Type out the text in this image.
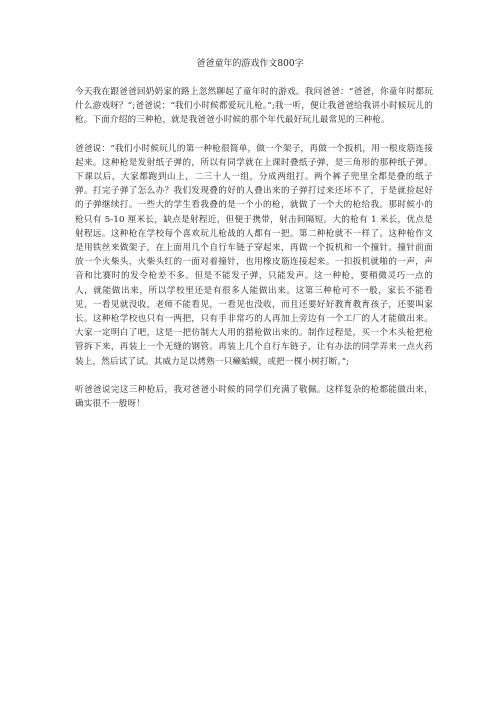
爸爸童年的游戏作文800字

今天我在跟爸爸回奶奶家的路上忽然聊起了童年时的游戏。我问爸爸：“爸爸，你童年时都玩什么游戏呀？”;爸爸说：“我们小时候都爱玩儿枪。”;我一听，便让我爸爸给我讲小时候玩儿的枪。下面介绍的三种枪，就是我爸爸小时候的那个年代最好玩儿最常见的三种枪。

爸爸说：“我们小时候玩儿的第一种枪很简单，做一个架子，再做一个扳机，用一根皮筋连接起来。这种枪是发射纸子弹的，所以有同学就在上课时叠纸子弹，是三角形的那种纸子弹。下课以后，大家都跑到山上，二三十人一组，分成两组打。两个裤子兜里全都是叠的纸子弹。打完子弹了怎么办？我们发现叠的好的人叠出来的子弹打过来还坏不了，于是就捡起好的子弹继续打。一些大的学生看我叠的是一个小的枪，就做了一个大的枪给我。那时候小的枪只有 5-10 厘米长，缺点是射程近，但便于携带，射击间隔短。大的枪有 1 米长，优点是射程远。这种枪在学校每个喜欢玩儿枪战的人都有一把。第二种枪就不一样了。这种枪作文是用铁丝来做架子，在上面用几个自行车链子穿起来，再做一个扳机和一个撞针。撞针前面放一个火柴头，火柴头红的一面对着撞针，也用橡皮筋连接起来。一扣扳机就啪的一声，声音和比赛时的发令枪差不多。但是不能发子弹，只能发声。这一种枪，要稍微灵巧一点的人，就能做出来，所以学校里还是有很多人能做出来。这第三种枪可不一般，家长不能看见，一看见就没收，老师不能看见，一看见也没收，而且还要好好教育教育孩子，还要叫家长。这种枪学校也只有一两把，只有手非常巧的人再加上旁边有一个工厂的人才能做出来。大家一定明白了吧，这是一把仿制大人用的猎枪做出来的。制作过程是，买一个木头枪把枪管拆下来，再装上一个无缝的钢管。再装上几个自行车链子，让有办法的同学弄来一点火药装上，然后试了试。其威力足以烤熟一只癞蛤蟆，或把一棵小树打断。”;

听爸爸说完这三种枪后，我对爸爸小时候的同学们充满了敬佩。这样复杂的枪都能做出来，确实很不一般呀！
